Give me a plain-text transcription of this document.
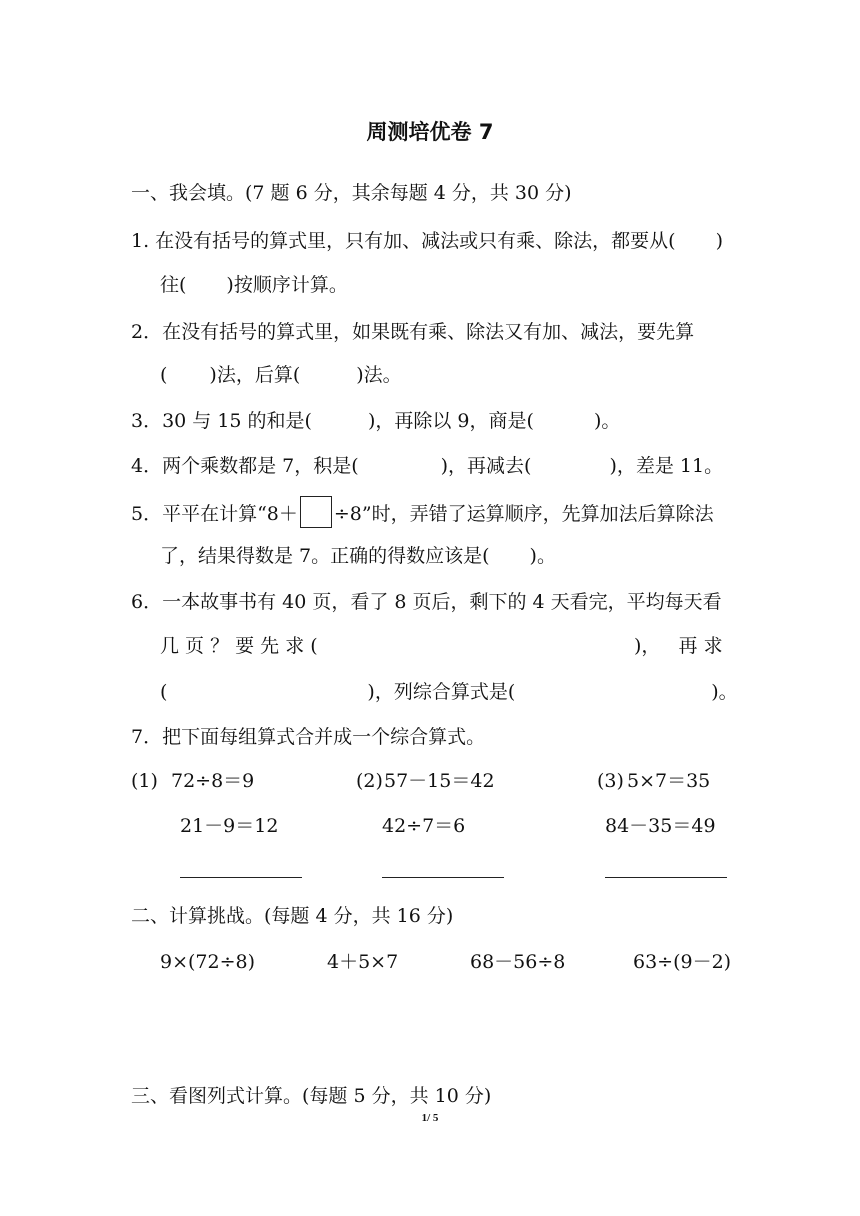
周测培优卷 7
一、我会填。(7 题 6 分，其余每题 4 分，共 30 分)
1. 在没有括号的算式里，只有加、减法或只有乘、除法，都要从( )
往( )按顺序计算。
2．在没有括号的算式里，如果既有乘、除法又有加、减法，要先算
( )法，后算(	)法。
3．30 与 15 的和是(	)，再除以 9，商是(	)。
4．两个乘数都是 7，积是(	)，再减去(	)，差是 11。
5．平平在计算“8＋ ÷8”时，弄错了运算顺序，先算加法后算除法
了，结果得数是 7。正确的得数应该是( )。
6．一本故事书有 40 页，看了 8 页后，剩下的 4 天看完，平均每天看
几 页 ？ 要 先 求 (	)，   再 求
(	)，列综合算式是(	)。
7．把下面每组算式合并成一个综合算式。
(1) 72÷8＝9
21－9＝12
(2) 57－15＝42
42÷7＝6
(3) 5×7＝35
84－35＝49
二、计算挑战。(每题 4 分，共 16 分)
9×(72÷8)	4＋5×7	68－56÷8	63÷(9－2)
三、看图列式计算。(每题 5 分，共 10 分)
1/ 5
